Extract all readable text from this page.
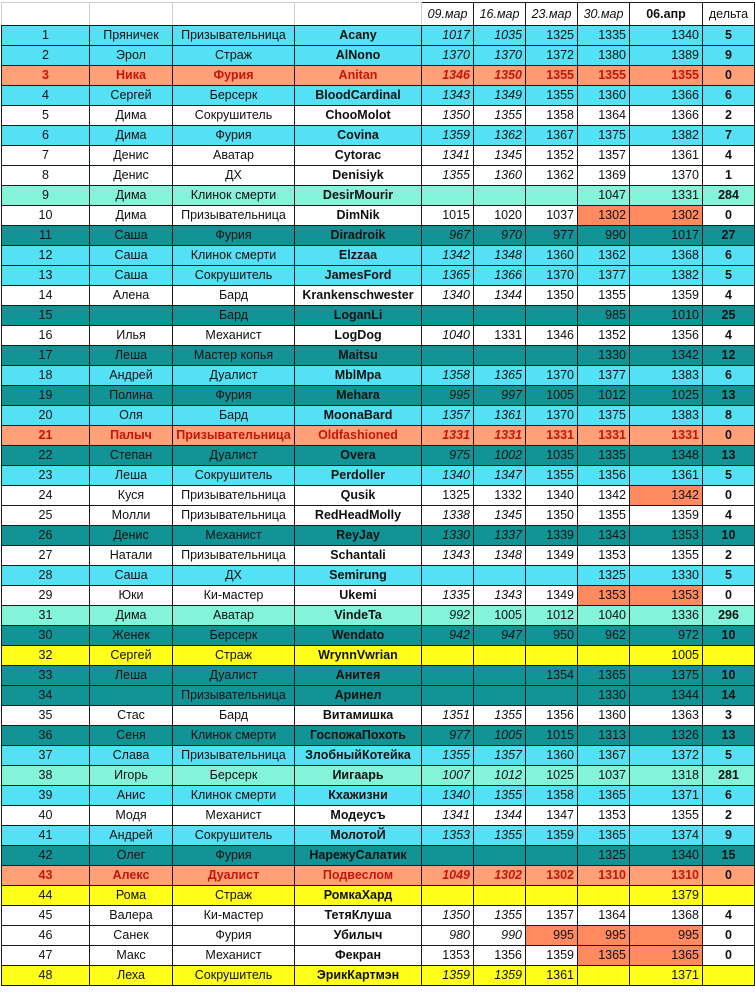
				09.мар	16.мар	23.мар	30.мар	06.апр	дельта
1	Пряничек	Призывательница	Acany	1017	1035	1325	1335	1340	5
2	Эрол	Страж	AlNono	1370	1370	1372	1380	1389	9
3	Ника	Фурия	Anitan	1346	1350	1355	1355	1355	0
4	Сергей	Берсерк	BloodCardinal	1343	1349	1355	1360	1366	6
5	Дима	Сокрушитель	ChooMolot	1350	1355	1358	1364	1366	2
6	Дима	Фурия	Covina	1359	1362	1367	1375	1382	7
7	Денис	Аватар	Cytorac	1341	1345	1352	1357	1361	4
8	Денис	ДХ	Denisiyk	1355	1360	1362	1369	1370	1
9	Дима	Клинок смерти	DesirMourir				1047	1331	284
10	Дима	Призывательница	DimNik	1015	1020	1037	1302	1302	0
11	Саша	Фурия	Diradroik	967	970	977	990	1017	27
12	Саша	Клинок смерти	Elzzaa	1342	1348	1360	1362	1368	6
13	Саша	Сокрушитель	JamesFord	1365	1366	1370	1377	1382	5
14	Алена	Бард	Krankenschwester	1340	1344	1350	1355	1359	4
15		Бард	LoganLi				985	1010	25
16	Илья	Механист	LogDog	1040	1331	1346	1352	1356	4
17	Леша	Мастер копья	Maitsu				1330	1342	12
18	Андрей	Дуалист	MblMpa	1358	1365	1370	1377	1383	6
19	Полина	Фурия	Mehara	995	997	1005	1012	1025	13
20	Оля	Бард	MoonaBard	1357	1361	1370	1375	1383	8
21	Палыч	Призывательница	Oldfashioned	1331	1331	1331	1331	1331	0
22	Степан	Дуалист	Overa	975	1002	1035	1335	1348	13
23	Леша	Сокрушитель	Perdoller	1340	1347	1355	1356	1361	5
24	Куся	Призывательница	Qusik	1325	1332	1340	1342	1342	0
25	Молли	Призывательница	RedHeadMolly	1338	1345	1350	1355	1359	4
26	Денис	Механист	ReyJay	1330	1337	1339	1343	1353	10
27	Натали	Призывательница	Schantali	1343	1348	1349	1353	1355	2
28	Саша	ДХ	Semirung				1325	1330	5
29	Юки	Ки-мастер	Ukemi	1335	1343	1349	1353	1353	0
31	Дима	Аватар	VindeTa	992	1005	1012	1040	1336	296
30	Женек	Берсерк	Wendato	942	947	950	962	972	10
32	Сергей	Страж	WrynnVwrian					1005	
33	Леша	Дуалист	Анитея			1354	1365	1375	10
34		Призывательница	Аринел				1330	1344	14
35	Стас	Бард	Витамишка	1351	1355	1356	1360	1363	3
36	Сеня	Клинок смерти	ГоспожаПохоть	977	1005	1015	1313	1326	13
37	Слава	Призывательница	ЗлобныйКотейка	1355	1357	1360	1367	1372	5
38	Игорь	Берсерк	Иигаарь	1007	1012	1025	1037	1318	281
39	Анис	Клинок смерти	Кхажизни	1340	1355	1358	1365	1371	6
40	Модя	Механист	Модеусъ	1341	1344	1347	1353	1355	2
41	Андрей	Сокрушитель	МолотоЙ	1353	1355	1359	1365	1374	9
42	Олег	Фурия	НарежуСалатик				1325	1340	15
43	Алекс	Дуалист	Подвеслом	1049	1302	1302	1310	1310	0
44	Рома	Страж	РомкаХард					1379	
45	Валера	Ки-мастер	ТетяКлуша	1350	1355	1357	1364	1368	4
46	Санек	Фурия	Убилыч	980	990	995	995	995	0
47	Макс	Механист	Фекран	1353	1356	1359	1365	1365	0
48	Леха	Сокрушитель	ЭрикКартмэн	1359	1359	1361		1371	
